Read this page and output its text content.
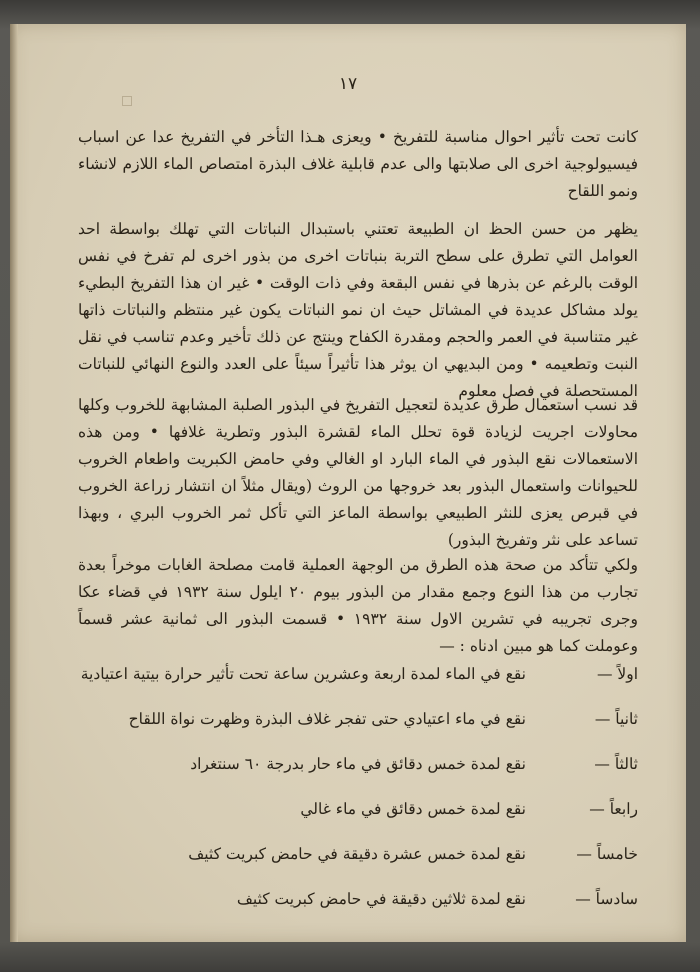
١٧

كانت تحت تأثير احوال مناسبة للتفريخ • ويعزى هـذا التأخر في التفريخ عدا عن اسباب فيسيولوجية اخرى الى صلابتها والى عدم قابلية غلاف البذرة امتصاص الماء اللازم لانشاء ونمو اللقاح

يظهر من حسن الحظ ان الطبيعة تعتني باستبدال النباتات التي تهلك بواسطة احد العوامل التي تطرق على سطح التربة بنباتات اخرى من بذور اخرى لم تفرخ في نفس الوقت بالرغم عن بذرها في نفس البقعة وفي ذات الوقت • غير ان هذا التفريخ البطيء يولد مشاكل عديدة في المشاتل حيث ان نمو النباتات يكون غير منتظم والنباتات ذاتها غير متناسبة في العمر والحجم ومقدرة الكفاح وينتج عن ذلك تأخير وعدم تناسب في نقل النبت وتطعيمه • ومن البديهي ان يوثر هذا تأثيراً سيئاً على العدد والنوع النهائي للنباتات المستحصلة في فصل معلوم

قد نسب استعمال طرق عديدة لتعجيل التفريخ في البذور الصلبة المشابهة للخروب وكلها محاولات اجريت لزيادة قوة تحلل الماء لقشرة البذور وتطرية غلافها • ومن هذه الاستعمالات نقع البذور في الماء البارد او الغالي وفي حامض الكبريت واطعام الخروب للحيوانات واستعمال البذور بعد خروجها من الروث (ويقال مثلاً ان انتشار زراعة الخروب في قبرص يعزى للنثر الطبيعي بواسطة الماعز التي تأكل ثمر الخروب البري ، وبهذا تساعد على نثر وتفريخ البذور)

ولكي تتأكد من صحة هذه الطرق من الوجهة العملية قامت مصلحة الغابات موخراً بعدة تجارب من هذا النوع وجمع مقدار من البذور بيوم ٢٠ ايلول سنة ١٩٣٢ في قضاء عكا وجرى تجريبه في تشرين الاول سنة ١٩٣٢ • قسمت البذور الى ثمانية عشر قسماً وعوملت كما هو مبين ادناه : —

اولاً —
نقع في الماء لمدة اربعة وعشرين ساعة تحت تأثير حرارة بيتية اعتيادية
ثانياً —
نقع في ماء اعتيادي حتى تفجر غلاف البذرة وظهرت نواة اللقاح
ثالثاً —
نقع لمدة خمس دقائق في ماء حار بدرجة ٦٠ سنتغراد
رابعاً —
نقع لمدة خمس دقائق في ماء غالي
خامساً —
نقع لمدة خمس عشرة دقيقة في حامض كبريت كثيف
سادساً —
نقع لمدة ثلاثين دقيقة في حامض كبريت كثيف
